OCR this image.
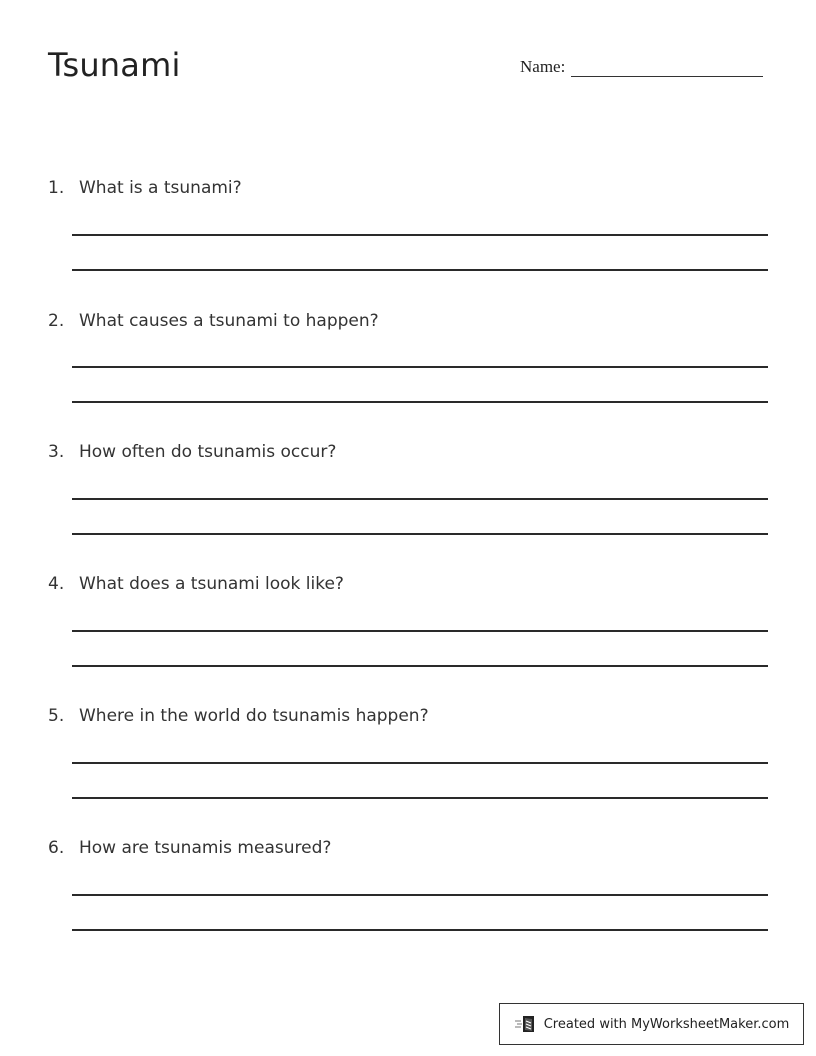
Tsunami	Name:
1. What is a tsunami?
2. What causes a tsunami to happen?
3. How often do tsunamis occur?
4. What does a tsunami look like?
5. Where in the world do tsunamis happen?
6. How are tsunamis measured?
Created with MyWorksheetMaker.com
